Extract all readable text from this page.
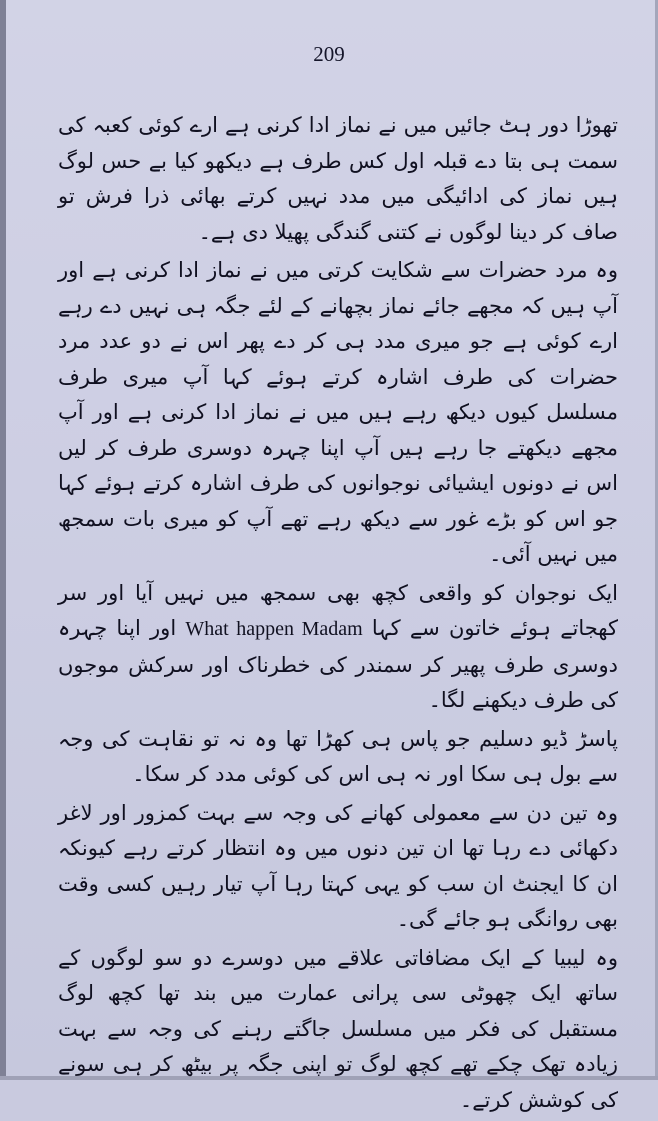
209

تھوڑا دور ہٹ جائیں میں نے نماز ادا کرنی ہے ارے کوئی کعبہ کی سمت ہی بتا دے قبلہ اول کس طرف ہے دیکھو کیا بے حس لوگ ہیں نماز کی ادائیگی میں مدد نہیں کرتے بھائی ذرا فرش تو صاف کر دینا لوگوں نے کتنی گندگی پھیلا دی ہے۔

وہ مرد حضرات سے شکایت کرتی میں نے نماز ادا کرنی ہے اور آپ ہیں کہ مجھے جائے نماز بچھانے کے لئے جگہ ہی نہیں دے رہے ارے کوئی ہے جو میری مدد ہی کر دے پھر اس نے دو عدد مرد حضرات کی طرف اشارہ کرتے ہوئے کہا آپ میری طرف مسلسل کیوں دیکھ رہے ہیں میں نے نماز ادا کرنی ہے اور آپ مجھے دیکھتے جا رہے ہیں آپ اپنا چہرہ دوسری طرف کر لیں اس نے دونوں ایشیائی نوجوانوں کی طرف اشارہ کرتے ہوئے کہا جو اس کو بڑے غور سے دیکھ رہے تھے آپ کو میری بات سمجھ میں نہیں آئی۔

ایک نوجوان کو واقعی کچھ بھی سمجھ میں نہیں آیا اور سر کھجاتے ہوئے خاتون سے کہا What happen Madam اور اپنا چہرہ دوسری طرف پھیر کر سمندر کی خطرناک اور سرکش موجوں کی طرف دیکھنے لگا۔

پاسڑ ڈیو دسلیم جو پاس ہی کھڑا تھا وہ نہ تو نقاہت کی وجہ سے بول ہی سکا اور نہ ہی اس کی کوئی مدد کر سکا۔

وہ تین دن سے معمولی کھانے کی وجہ سے بہت کمزور اور لاغر دکھائی دے رہا تھا ان تین دنوں میں وہ انتظار کرتے رہے کیونکہ ان کا ایجنٹ ان سب کو یہی کہتا رہا آپ تیار رہیں کسی وقت بھی روانگی ہو جائے گی۔

وہ لیبیا کے ایک مضافاتی علاقے میں دوسرے دو سو لوگوں کے ساتھ ایک چھوٹی سی پرانی عمارت میں بند تھا کچھ لوگ مستقبل کی فکر میں مسلسل جاگتے رہنے کی وجہ سے بہت زیادہ تھک چکے تھے کچھ لوگ تو اپنی جگہ پر بیٹھ کر ہی سونے کی کوشش کرتے۔
